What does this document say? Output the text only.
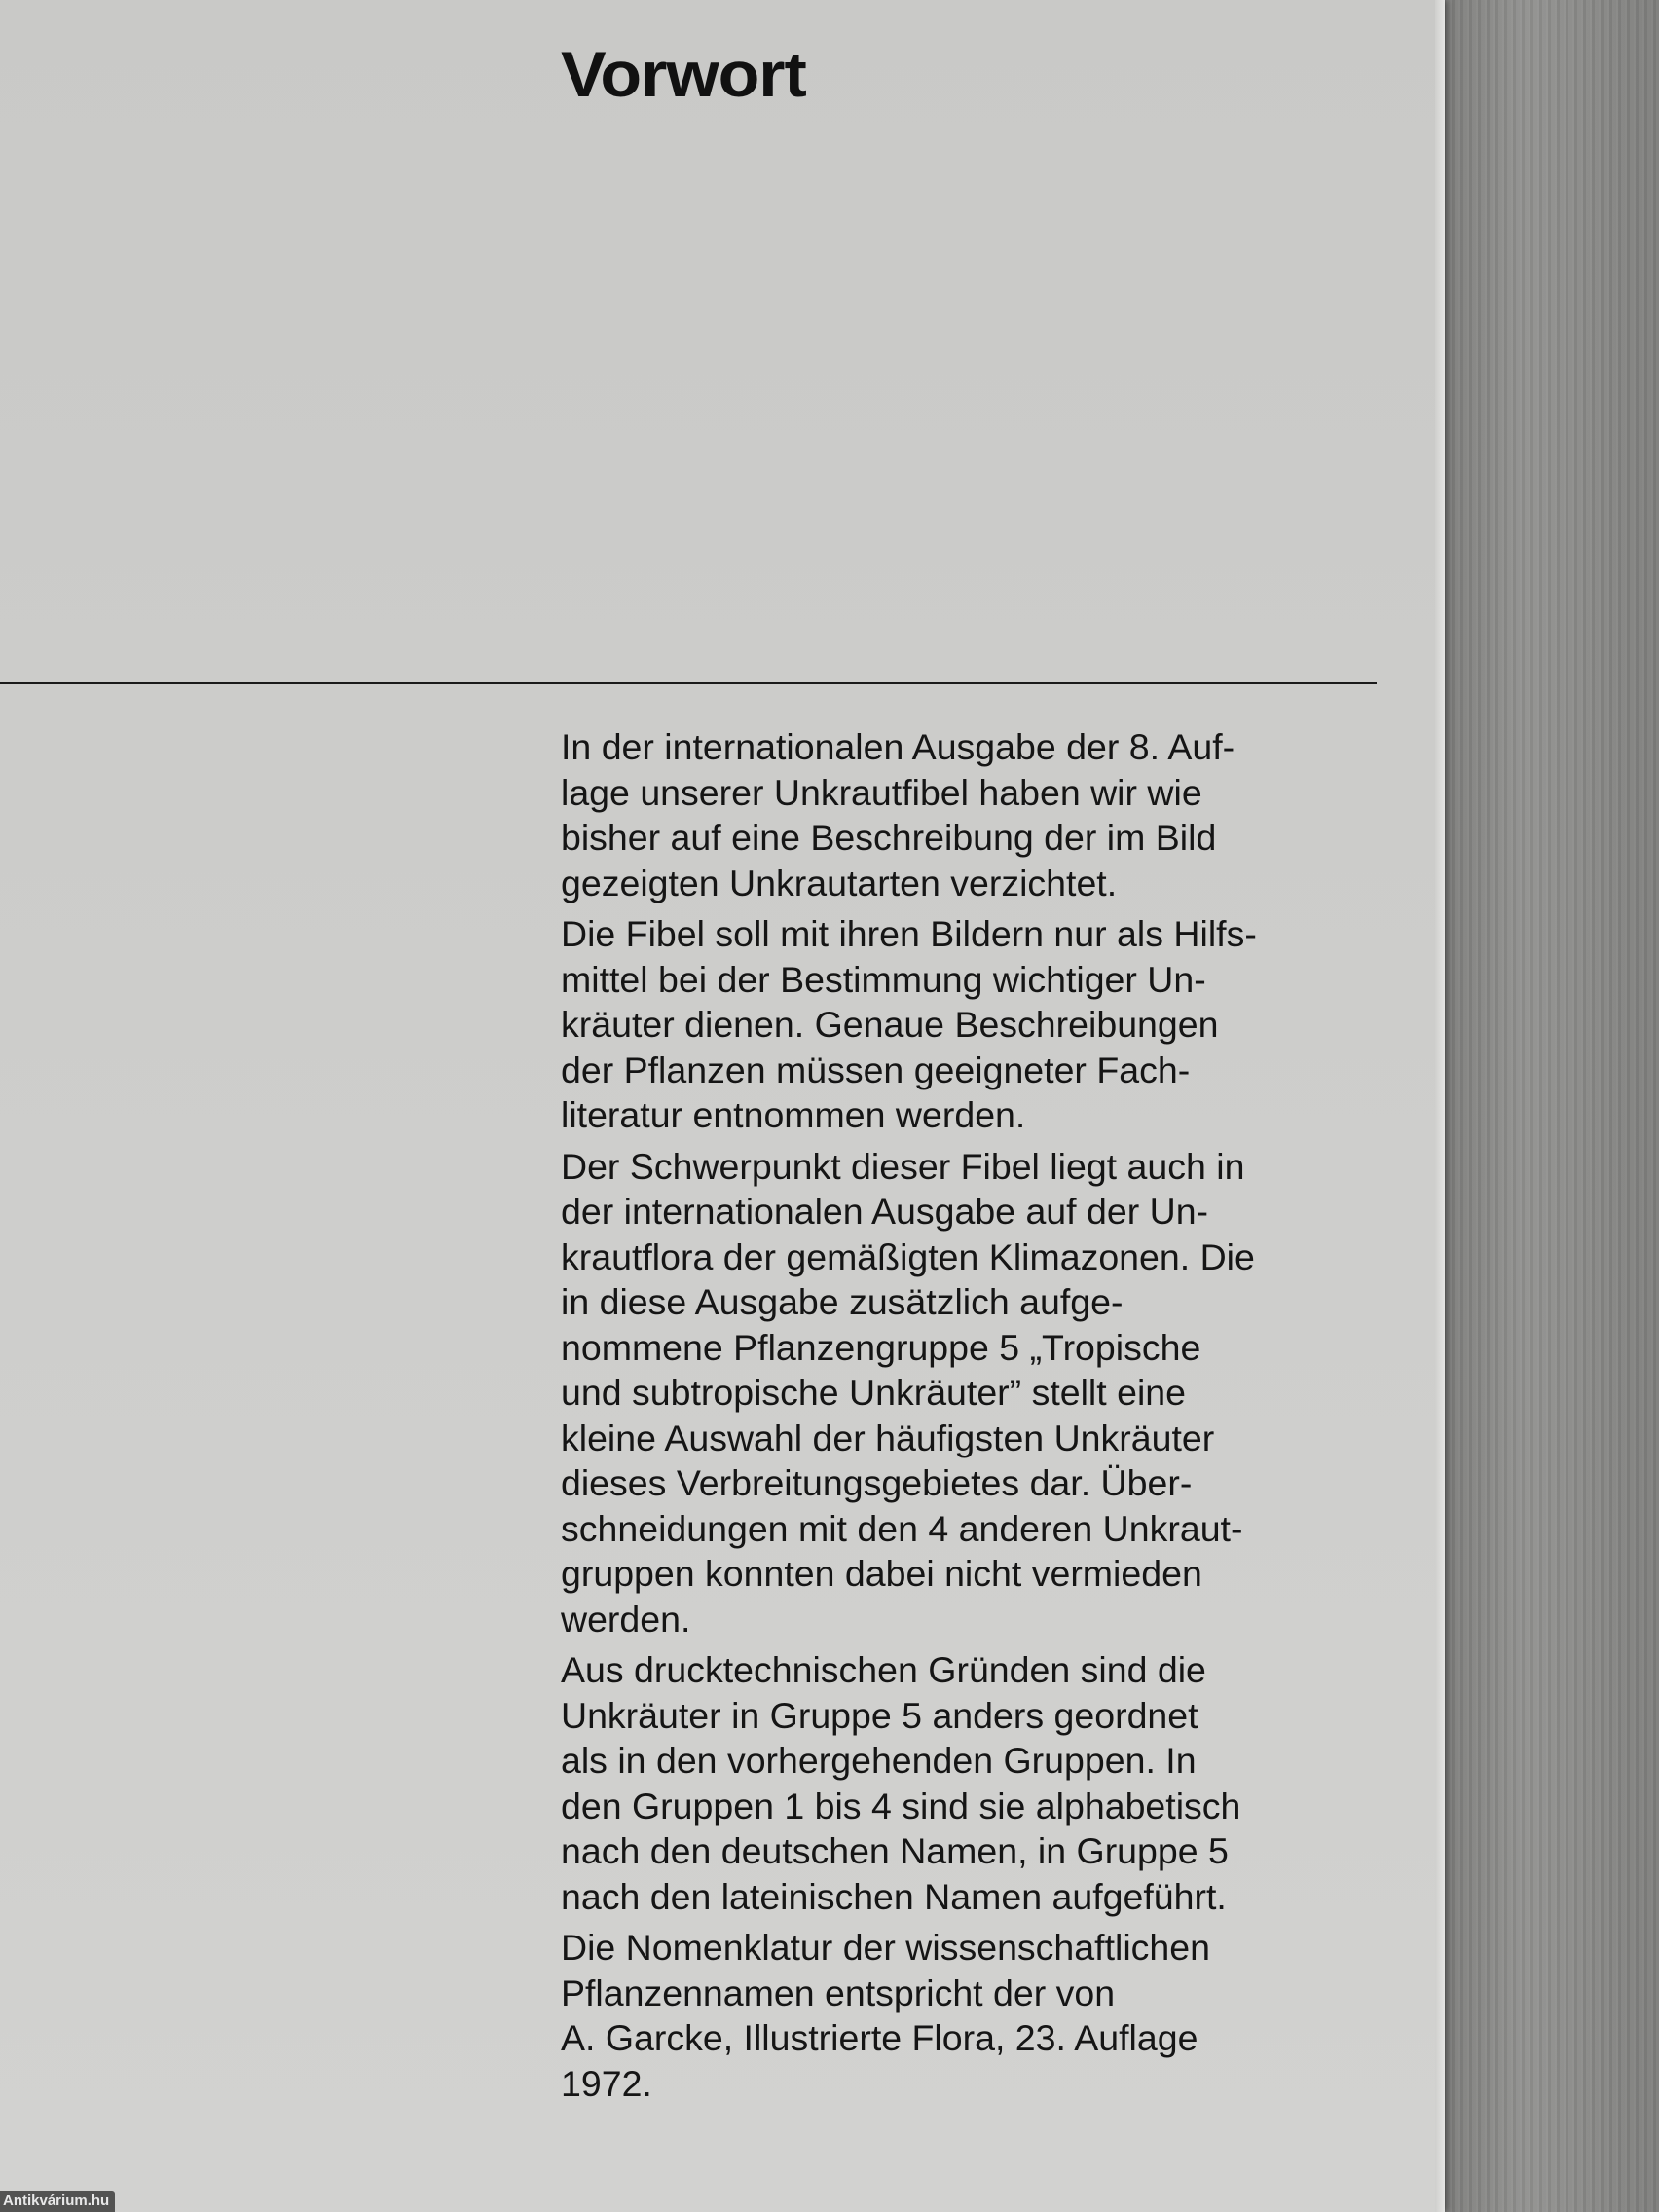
Vorwort

In der internationalen Ausgabe der 8. Auf-
lage unserer Unkrautfibel haben wir wie
bisher auf eine Beschreibung der im Bild
gezeigten Unkrautarten verzichtet.

Die Fibel soll mit ihren Bildern nur als Hilfs-
mittel bei der Bestimmung wichtiger Un-
kräuter dienen. Genaue Beschreibungen
der Pflanzen müssen geeigneter Fach-
literatur entnommen werden.

Der Schwerpunkt dieser Fibel liegt auch in
der internationalen Ausgabe auf der Un-
krautflora der gemäßigten Klimazonen. Die
in diese Ausgabe zusätzlich aufge-
nommene Pflanzengruppe 5 „Tropische
und subtropische Unkräuter” stellt eine
kleine Auswahl der häufigsten Unkräuter
dieses Verbreitungsgebietes dar. Über-
schneidungen mit den 4 anderen Unkraut-
gruppen konnten dabei nicht vermieden
werden.

Aus drucktechnischen Gründen sind die
Unkräuter in Gruppe 5 anders geordnet
als in den vorhergehenden Gruppen. In
den Gruppen 1 bis 4 sind sie alphabetisch
nach den deutschen Namen, in Gruppe 5
nach den lateinischen Namen aufgeführt.

Die Nomenklatur der wissenschaftlichen
Pflanzennamen entspricht der von
A. Garcke, Illustrierte Flora, 23. Auflage
1972.

Antikvárium.hu
